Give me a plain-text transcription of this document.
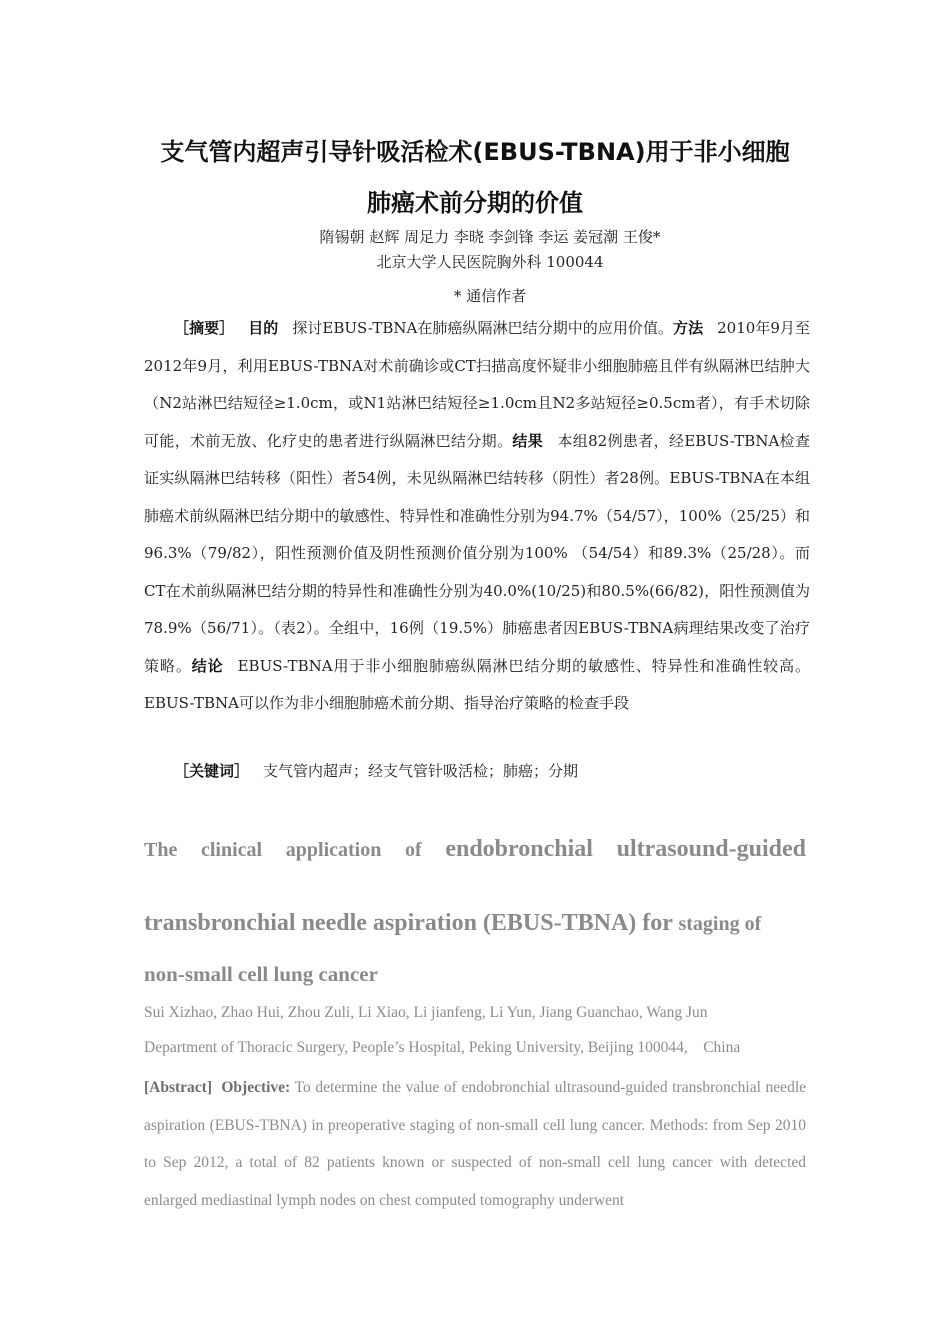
支气管内超声引导针吸活检术(EBUS-TBNA)用于非小细胞
肺癌术前分期的价值
隋锡朝 赵辉 周足力 李晓 李剑锋 李运 姜冠潮 王俊*
北京大学人民医院胸外科 100044
* 通信作者
［摘要］ 目的 探讨EBUS-TBNA在肺癌纵隔淋巴结分期中的应用价值。方法 2010年9月至2012年9月，利用EBUS-TBNA对术前确诊或CT扫描高度怀疑非小细胞肺癌且伴有纵隔淋巴结肿大（N2站淋巴结短径≥1.0cm，或N1站淋巴结短径≥1.0cm且N2多站短径≥0.5cm者），有手术切除可能，术前无放、化疗史的患者进行纵隔淋巴结分期。结果 本组82例患者，经EBUS-TBNA检查证实纵隔淋巴结转移（阳性）者54例，未见纵隔淋巴结转移（阴性）者28例。EBUS-TBNA在本组肺癌术前纵隔淋巴结分期中的敏感性、特异性和准确性分别为94.7%（54/57），100%（25/25）和96.3%（79/82），阳性预测价值及阴性预测价值分别为100% （54/54）和89.3%（25/28）。而CT在术前纵隔淋巴结分期的特异性和准确性分别为40.0%(10/25)和80.5%(66/82)，阳性预测值为78.9%（56/71）。（表2）。全组中，16例（19.5%）肺癌患者因EBUS-TBNA病理结果改变了治疗策略。结论 EBUS-TBNA用于非小细胞肺癌纵隔淋巴结分期的敏感性、特异性和准确性较高。EBUS-TBNA可以作为非小细胞肺癌术前分期、指导治疗策略的检查手段
［关键词］ 支气管内超声；经支气管针吸活检；肺癌；分期
The clinical application of endobronchial ultrasound-guided
transbronchial needle aspiration (EBUS-TBNA) for staging of
non-small cell lung cancer
Sui Xizhao, Zhao Hui, Zhou Zuli, Li Xiao, Li jianfeng, Li Yun, Jiang Guanchao, Wang Jun
Department of Thoracic Surgery, People’s Hospital, Peking University, Beijing 100044,    China
[Abstract] Objective: To determine the value of endobronchial ultrasound-guided transbronchial needle aspiration (EBUS-TBNA) in preoperative staging of non-small cell lung cancer. Methods: from Sep 2010 to Sep 2012, a total of 82 patients known or suspected of non-small cell lung cancer with detected enlarged mediastinal lymph nodes on chest computed tomography underwent
